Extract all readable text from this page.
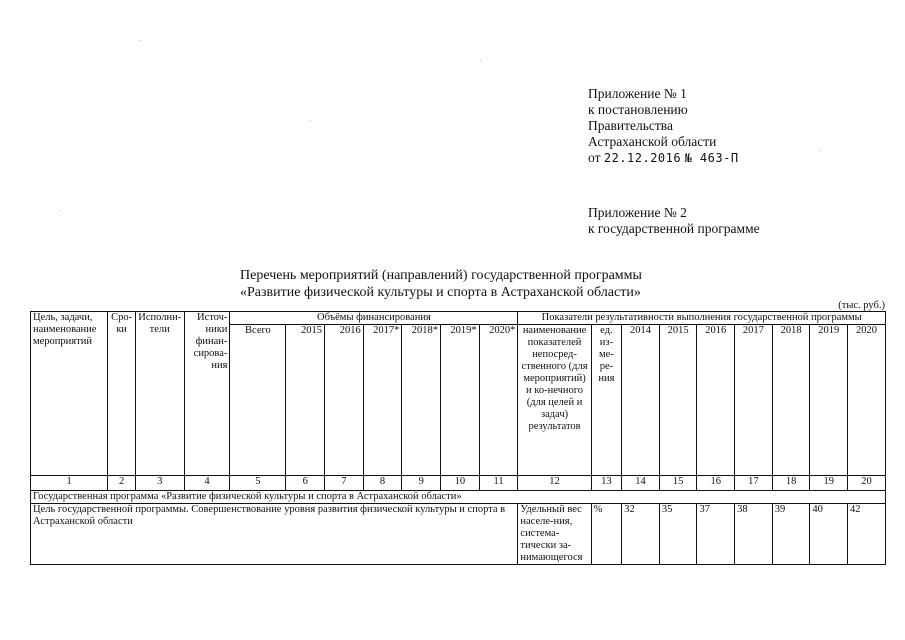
Приложение № 1
к постановлению
Правительства
Астраханской области
от 22.12.2016 № 463-П
Приложение № 2
к государственной программе
Перечень мероприятий (направлений) государственной программы
«Развитие физической культуры и спорта в Астраханской области»
(тыс. руб.)
Цель, задачи, наименование мероприятий	Сро-ки	Исполни-тели	Источ-ники финан-сирова-ния	Объёмы финансирования							Показатели результативности выполнения государственной программы								
				Всего	2015	2016	2017*	2018*	2019*	2020*	наименование показателей непосред-ственного (для мероприятий) и ко-нечного (для целей и задач) результатов	ед. из-ме-ре-ния	2014	2015	2016	2017	2018	2019	2020
1	2	3	4	5	6	7	8	9	10	11	12	13	14	15	16	17	18	19	20
Государственная программа «Развитие физической культуры и спорта в Астраханской области»																			
Цель государственной программы. Совершенствование уровня развития физической культуры и спорта в Астраханской области											Удельный вес населе-ния, система-тически за-нимающегося	%	32	35	37	38	39	40	42
